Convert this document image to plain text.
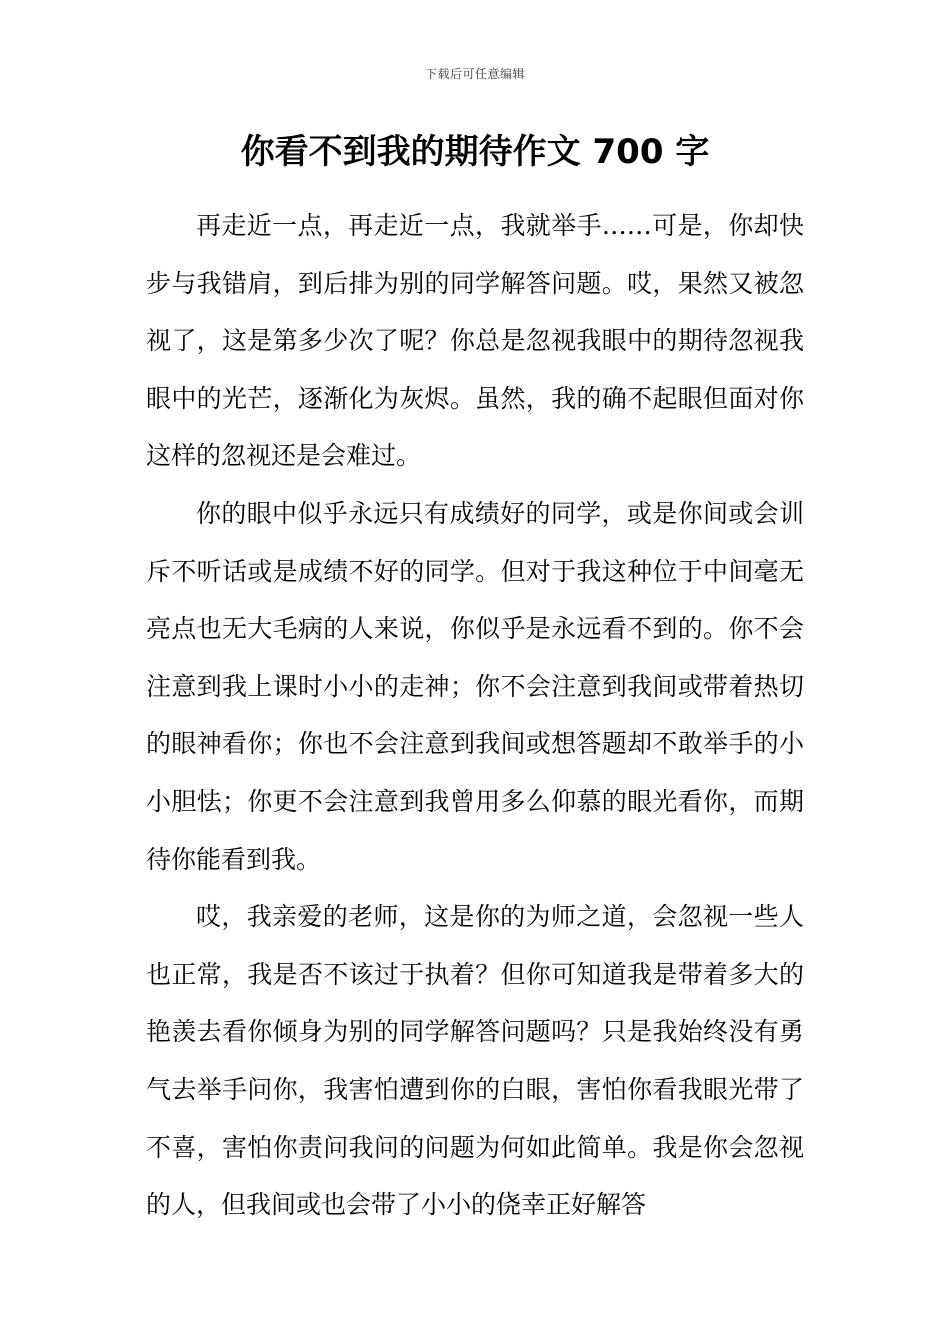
下载后可任意编辑
你看不到我的期待作文 700 字

再走近一点，再走近一点，我就举手……可是，你却快步与我错肩，到后排为别的同学解答问题。哎，果然又被忽视了，这是第多少次了呢？你总是忽视我眼中的期待忽视我眼中的光芒，逐渐化为灰烬。虽然，我的确不起眼但面对你这样的忽视还是会难过。

你的眼中似乎永远只有成绩好的同学，或是你间或会训斥不听话或是成绩不好的同学。但对于我这种位于中间毫无亮点也无大毛病的人来说，你似乎是永远看不到的。你不会注意到我上课时小小的走神；你不会注意到我间或带着热切的眼神看你；你也不会注意到我间或想答题却不敢举手的小小胆怯；你更不会注意到我曾用多么仰慕的眼光看你，而期待你能看到我。

哎，我亲爱的老师，这是你的为师之道，会忽视一些人也正常，我是否不该过于执着？但你可知道我是带着多大的艳羡去看你倾身为别的同学解答问题吗？只是我始终没有勇气去举手问你，我害怕遭到你的白眼，害怕你看我眼光带了不喜，害怕你责问我问的问题为何如此简单。我是你会忽视的人，但我间或也会带了小小的侥幸正好解答
